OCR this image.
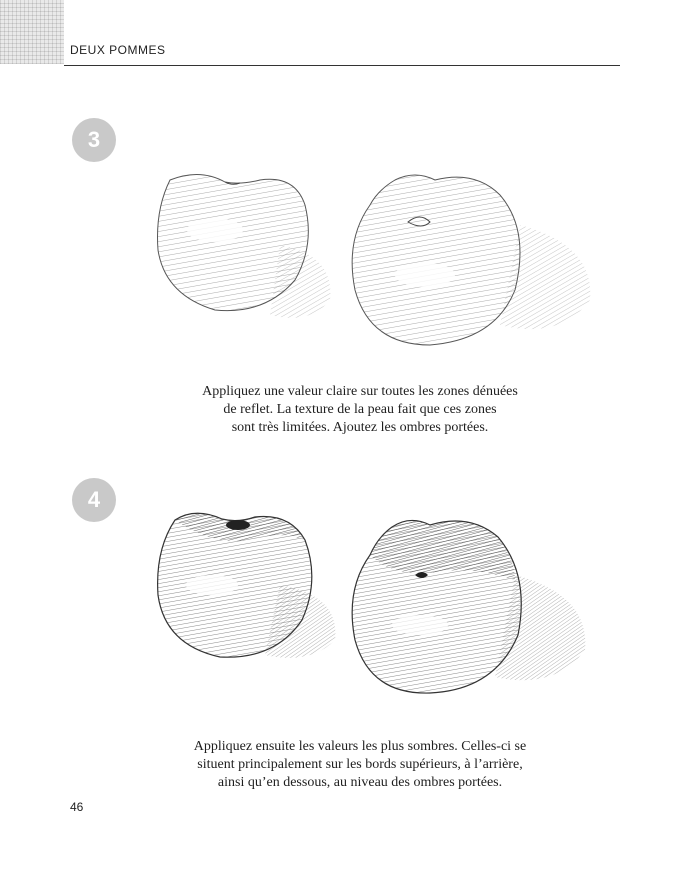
DEUX POMMES
3
Appliquez une valeur claire sur toutes les zones dénuées
de reflet. La texture de la peau fait que ces zones
sont très limitées. Ajoutez les ombres portées.
4
Appliquez ensuite les valeurs les plus sombres. Celles-ci se
situent principalement sur les bords supérieurs, à l’arrière,
ainsi qu’en dessous, au niveau des ombres portées.
46
